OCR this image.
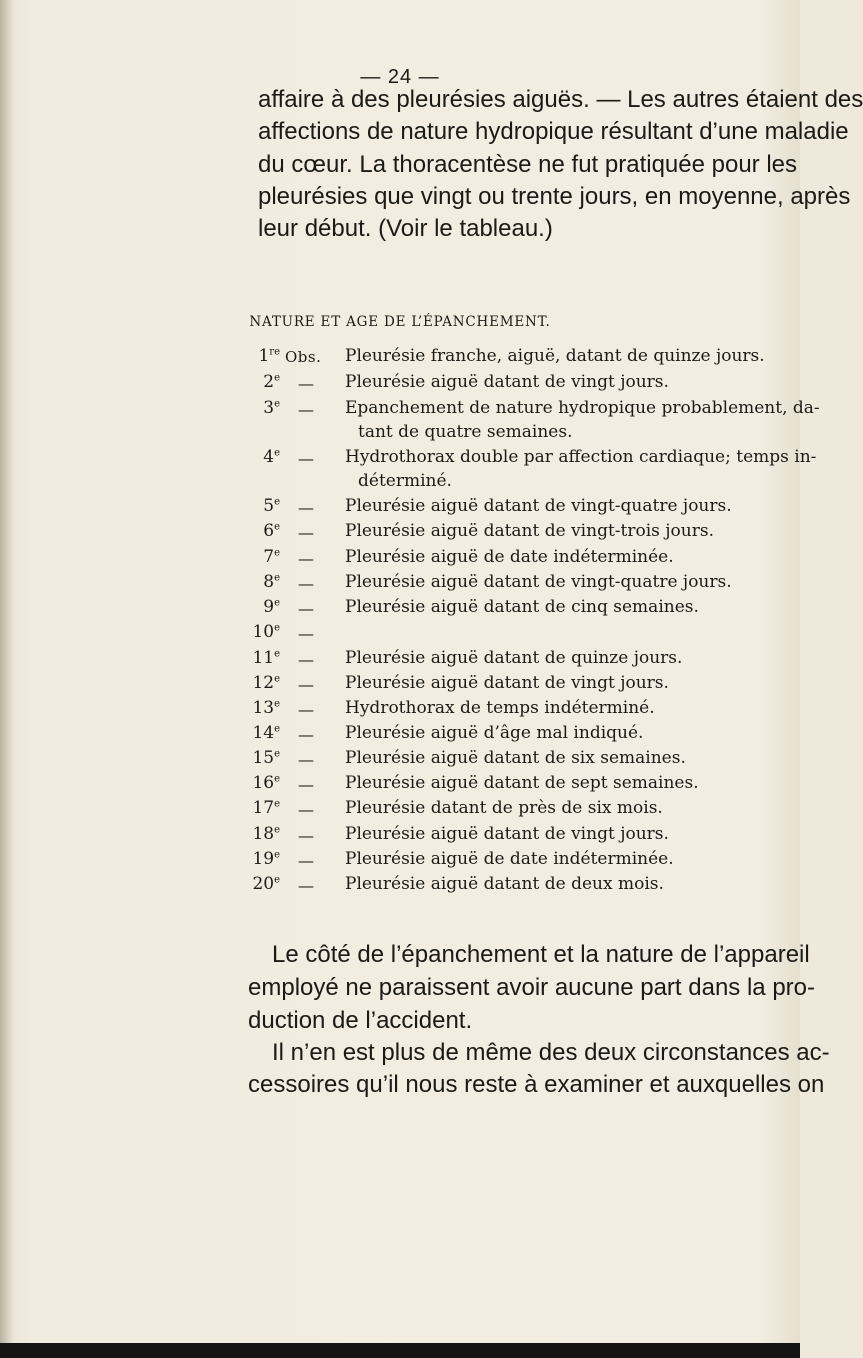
— 24 —
affaire à des pleurésies aiguës. — Les autres étaient des
affections de nature hydropique résultant d’une maladie
du cœur. La thoracentèse ne fut pratiquée pour les
pleurésies que vingt ou trente jours, en moyenne, après
leur début. (Voir le tableau.)
NATURE ET AGE DE L’ÉPANCHEMENT.
1re Obs. Pleurésie franche, aiguë, datant de quinze jours.
2e — Pleurésie aiguë datant de vingt jours.
3e — Epanchement de nature hydropique probablement, da-
tant de quatre semaines.
4e — Hydrothorax double par affection cardiaque; temps in-
déterminé.
5e — Pleurésie aiguë datant de vingt-quatre jours.
6e — Pleurésie aiguë datant de vingt-trois jours.
7e — Pleurésie aiguë de date indéterminée.
8e — Pleurésie aiguë datant de vingt-quatre jours.
9e — Pleurésie aiguë datant de cinq semaines.
10e —
11e — Pleurésie aiguë datant de quinze jours.
12e — Pleurésie aiguë datant de vingt jours.
13e — Hydrothorax de temps indéterminé.
14e — Pleurésie aiguë d’âge mal indiqué.
15e — Pleurésie aiguë datant de six semaines.
16e — Pleurésie aiguë datant de sept semaines.
17e — Pleurésie datant de près de six mois.
18e — Pleurésie aiguë datant de vingt jours.
19e — Pleurésie aiguë de date indéterminée.
20e — Pleurésie aiguë datant de deux mois.
Le côté de l’épanchement et la nature de l’appareil
employé ne paraissent avoir aucune part dans la pro-
duction de l’accident.
Il n’en est plus de même des deux circonstances ac-
cessoires qu’il nous reste à examiner et auxquelles on
